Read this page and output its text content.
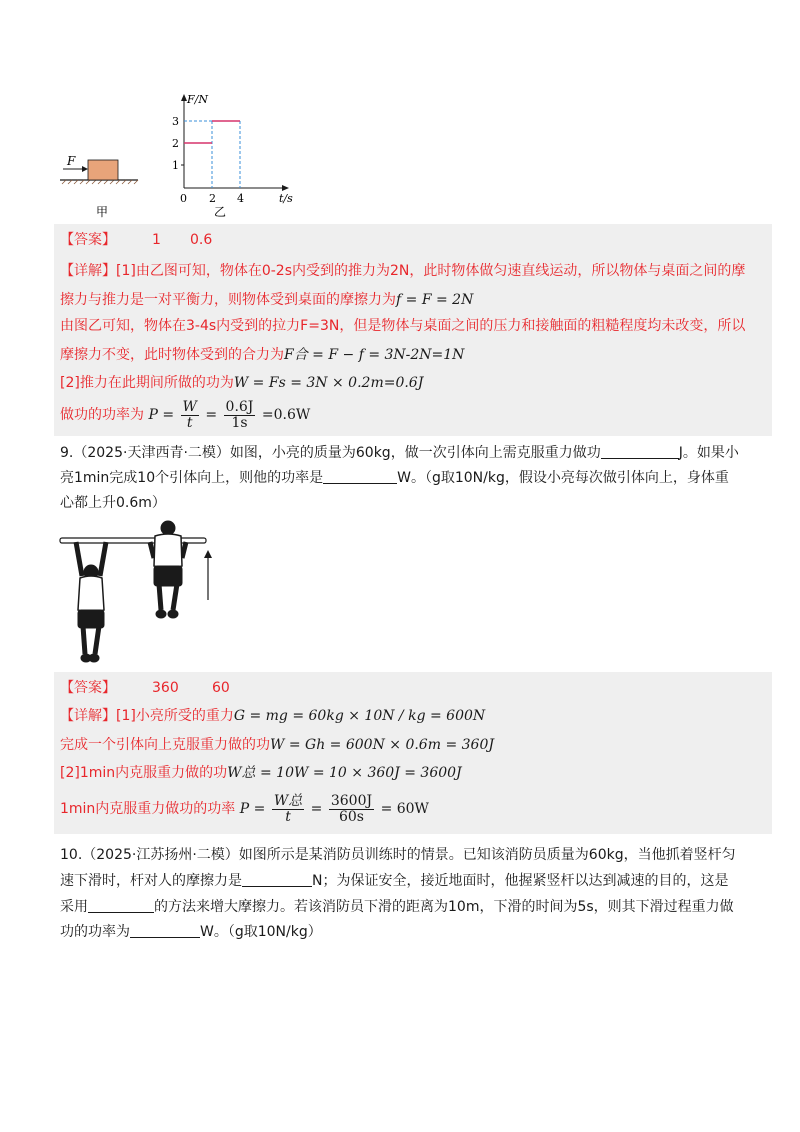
F
F/N
t/s
3
2
1
0 2 4
甲	乙
【答案】	1 0.6
【详解】[1]由乙图可知，物体在0-2s内受到的推力为2N，此时物体做匀速直线运动，所以物体与桌面之间的摩
擦力与推力是一对平衡力，则物体受到桌面的摩擦力为f = F = 2N
由图乙可知，物体在3-4s内受到的拉力F=3N，但是物体与桌面之间的压力和接触面的粗糙程度均未改变，所以
摩擦力不变，此时物体受到的合力为F合 = F − f = 3N-2N=1N
[2]推力在此期间所做的功为W = Fs = 3N × 0.2m=0.6J
做功的功率为 $P = \frac{W}{t} = \frac{0.6J}{1s} =0.6W$
9.（2025·天津西青·二模）如图，小亮的质量为60kg，做一次引体向上需克服重力做功	J。如果小
亮1min完成10个引体向上，则他的功率是	W。（g取10N/kg，假设小亮每次做引体向上，身体重
心都上升0.6m）
【答案】	360 60
【详解】[1]小亮所受的重力G = mg = 60kg × 10N / kg = 600N
完成一个引体向上克服重力做的功W = Gh = 600N × 0.6m = 360J
[2]1min内克服重力做的功W总 = 10W = 10 × 360J = 3600J
1min内克服重力做功的功率 $P = \frac{\text{W总}}{t} = \frac{3600J}{60s} = 60W$
10.（2025·江苏扬州·二模）如图所示是某消防员训练时的情景。已知该消防员质量为60kg，当他抓着竖杆匀
速下滑时，杆对人的摩擦力是	N；为保证安全，接近地面时，他握紧竖杆以达到减速的目的，这是
采用	的方法来增大摩擦力。若该消防员下滑的距离为10m，下滑的时间为5s，则其下滑过程重力做
功的功率为	W。（g取10N/kg）
